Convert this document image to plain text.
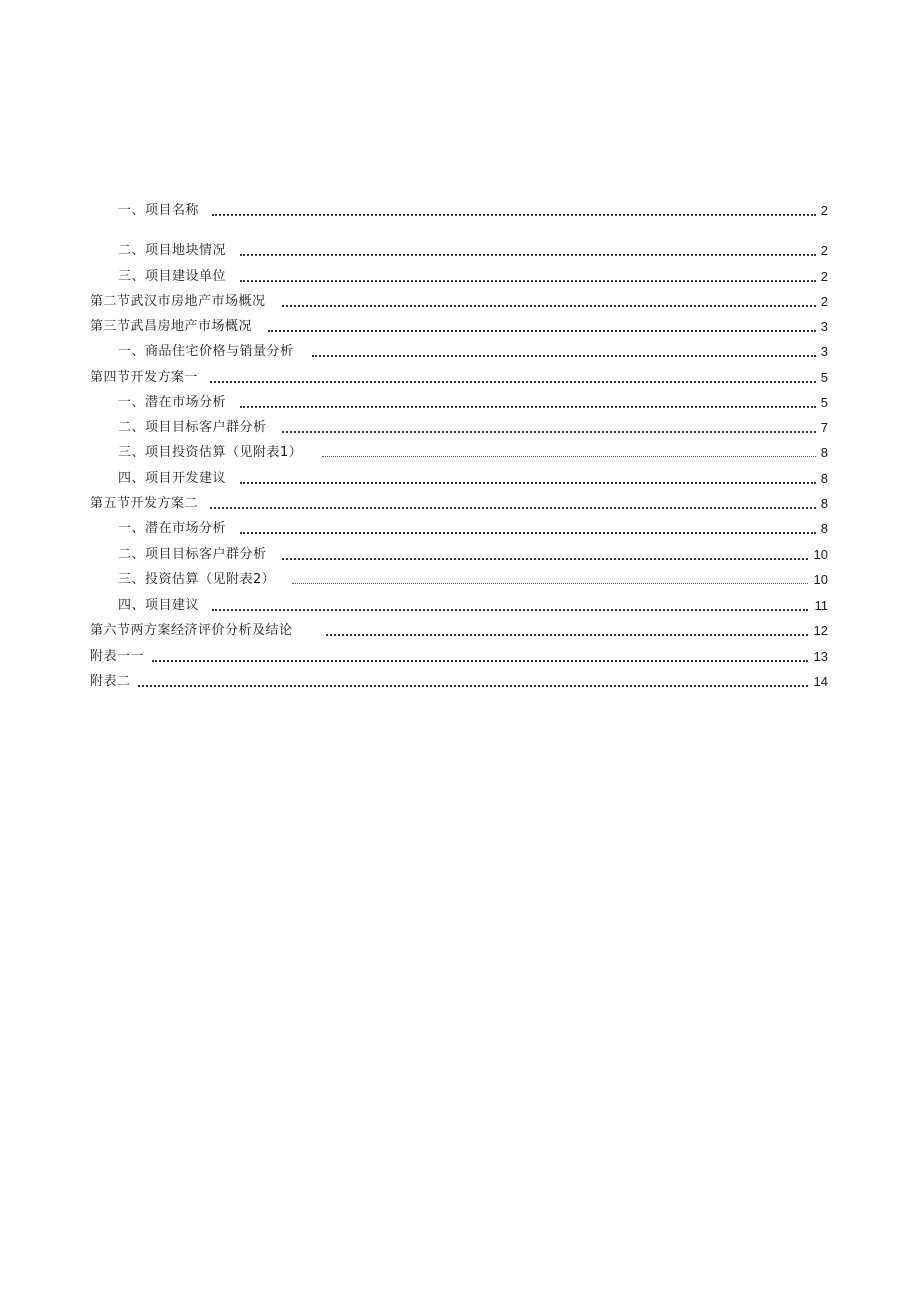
一、项目名称	2
二、项目地块情况	2
三、项目建设单位	2
第二节武汉市房地产市场概况	2
第三节武昌房地产市场概况	3
一、商品住宅价格与销量分析	3
第四节开发方案一	5
一、潜在市场分析	5
二、项目目标客户群分析	7
三、项目投资估算（见附表1）	8
四、项目开发建议	8
第五节开发方案二	8
一、潜在市场分析	8
二、项目目标客户群分析	10
三、投资估算（见附表2）	10
四、项目建议	11
第六节两方案经济评价分析及结论	12
附表一一	13
附表二	14
